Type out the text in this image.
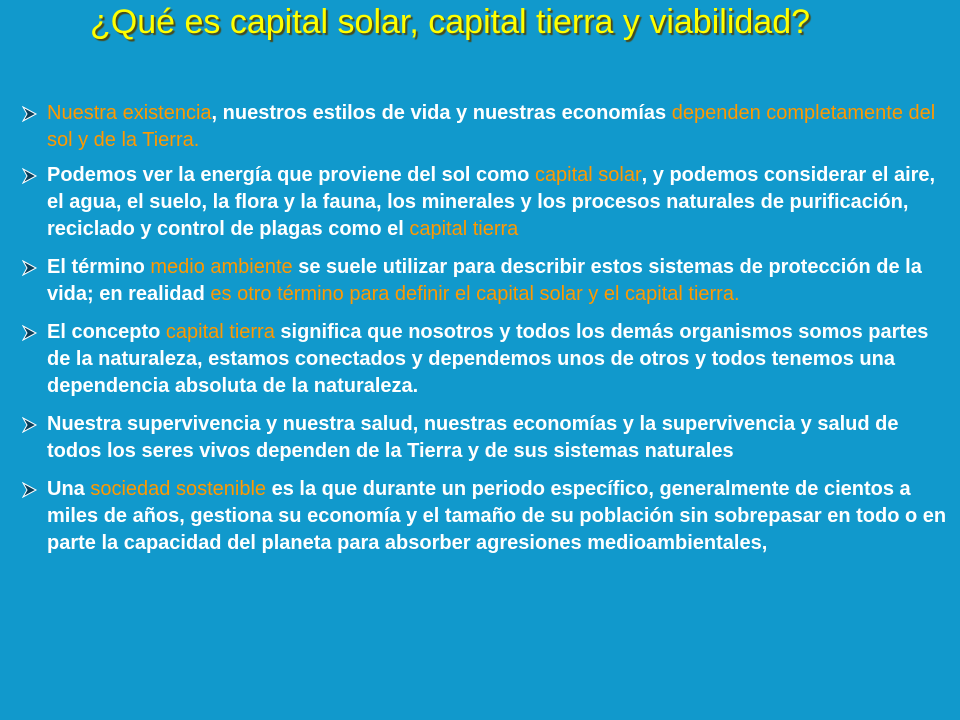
¿Qué es capital solar, capital tierra y viabilidad?
Nuestra existencia, nuestros estilos de vida y nuestras economías dependen completamente del sol y de la Tierra.
Podemos ver la energía que proviene del sol como capital solar, y podemos considerar el aire, el agua, el suelo, la flora y la fauna, los minerales y los procesos naturales de purificación, reciclado y control de plagas como el capital tierra
El término medio ambiente se suele utilizar para describir estos sistemas de protección de la vida; en realidad es otro término para definir el capital solar y el capital tierra.
El concepto capital tierra significa que nosotros y todos los demás organismos somos partes de la naturaleza, estamos conectados y dependemos unos de otros y todos tenemos una dependencia absoluta de la naturaleza.
Nuestra supervivencia y nuestra salud, nuestras economías y la supervivencia y salud de todos los seres vivos dependen de la Tierra y de sus sistemas naturales
Una sociedad sostenible es la que durante un periodo específico, generalmente de cientos a miles de años, gestiona su economía y el tamaño de su población sin sobrepasar en todo o en parte la capacidad del planeta para absorber agresiones medioambientales,
